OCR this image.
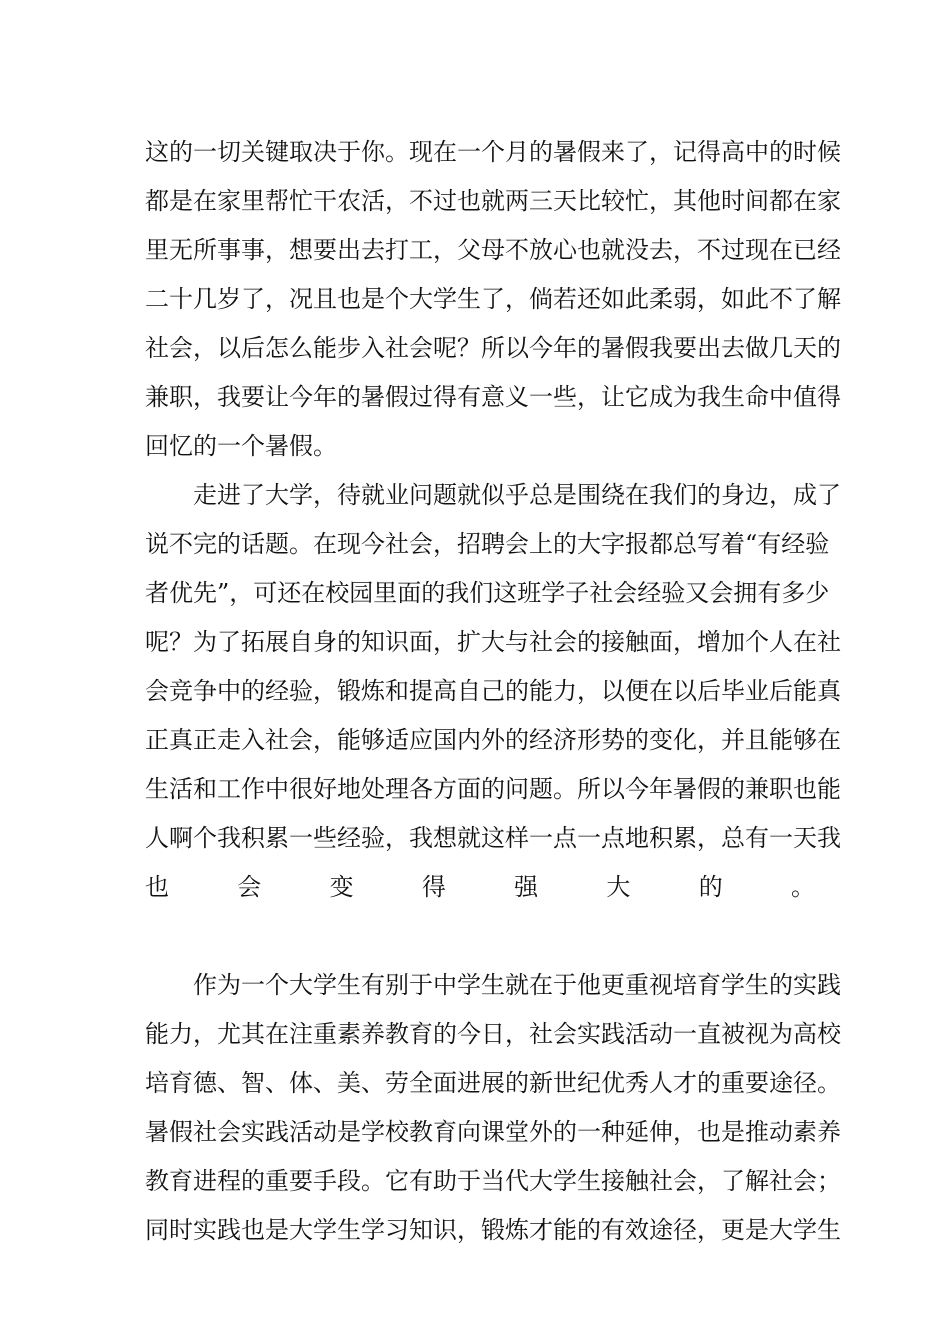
这的一切关键取决于你。现在一个月的暑假来了，记得高中的时候
都是在家里帮忙干农活，不过也就两三天比较忙，其他时间都在家
里无所事事，想要出去打工，父母不放心也就没去，不过现在已经
二十几岁了，况且也是个大学生了，倘若还如此柔弱，如此不了解
社会，以后怎么能步入社会呢？所以今年的暑假我要出去做几天的
兼职，我要让今年的暑假过得有意义一些，让它成为我生命中值得
回忆的一个暑假。
走进了大学，待就业问题就似乎总是围绕在我们的身边，成了
说不完的话题。在现今社会，招聘会上的大字报都总写着“有经验
者优先”，可还在校园里面的我们这班学子社会经验又会拥有多少
呢？为了拓展自身的知识面，扩大与社会的接触面，增加个人在社
会竞争中的经验，锻炼和提高自己的能力，以便在以后毕业后能真
正真正走入社会，能够适应国内外的经济形势的变化，并且能够在
生活和工作中很好地处理各方面的问题。所以今年暑假的兼职也能
人啊个我积累一些经验，我想就这样一点一点地积累，总有一天我
也会变得强大的。
作为一个大学生有别于中学生就在于他更重视培育学生的实践
能力，尤其在注重素养教育的今日，社会实践活动一直被视为高校
培育德、智、体、美、劳全面进展的新世纪优秀人才的重要途径。
暑假社会实践活动是学校教育向课堂外的一种延伸，也是推动素养
教育进程的重要手段。它有助于当代大学生接触社会，了解社会；
同时实践也是大学生学习知识，锻炼才能的有效途径，更是大学生
